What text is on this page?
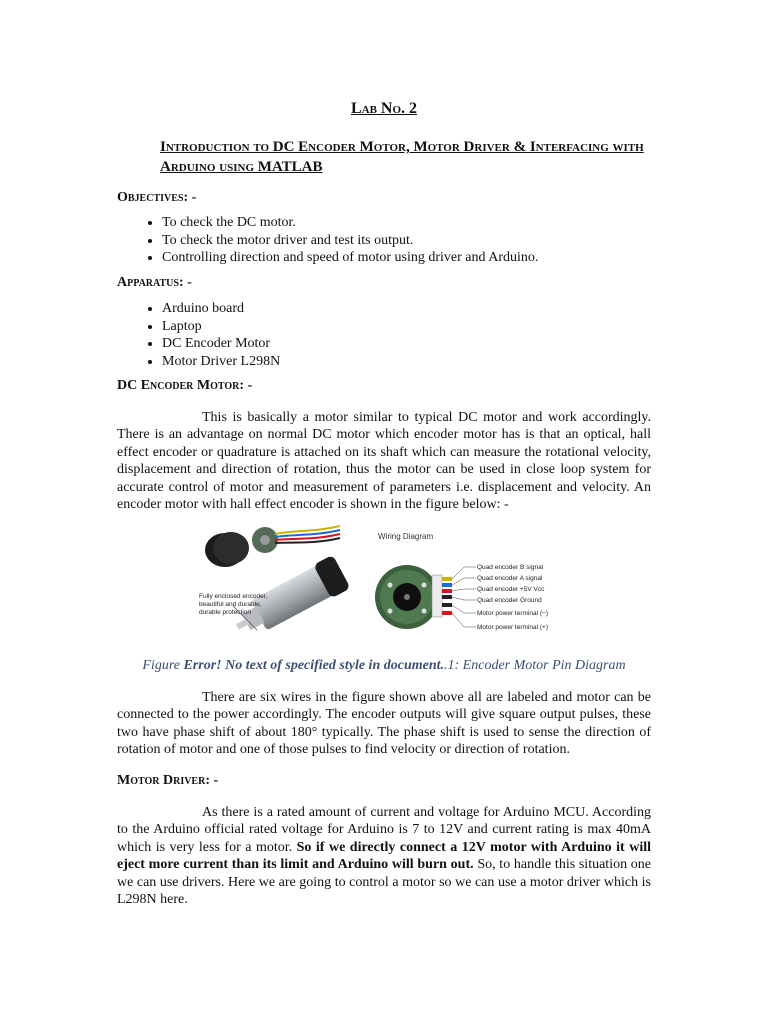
Lab No. 2
Introduction to DC Encoder Motor, Motor Driver & Interfacing with Arduino using MATLAB
Objectives: -
• To check the DC motor.
• To check the motor driver and test its output.
• Controlling direction and speed of motor using driver and Arduino.
Apparatus: -
• Arduino board
• Laptop
• DC Encoder Motor
• Motor Driver L298N
DC Encoder Motor: -
This is basically a motor similar to typical DC motor and work accordingly. There is an advantage on normal DC motor which encoder motor has is that an optical, hall effect encoder or quadrature is attached on its shaft which can measure the rotational velocity, displacement and direction of rotation, thus the motor can be used in close loop system for accurate control of motor and measurement of parameters i.e. displacement and velocity. An encoder motor with hall effect encoder is shown in the figure below: -
Fully enclosed encoder,
beautiful and durable,
durable protection
Wiring Diagram
Quad encoder B signal
Quad encoder A signal
Quad encoder +5V Vcc
Quad encoder Ground
Motor power terminal (−)
Motor power terminal (+)
Figure Error! No text of specified style in document..1: Encoder Motor Pin Diagram
There are six wires in the figure shown above all are labeled and motor can be connected to the power accordingly. The encoder outputs will give square output pulses, these two have phase shift of about 180° typically. The phase shift is used to sense the direction of rotation of motor and one of those pulses to find velocity or direction of rotation.
Motor Driver: -
As there is a rated amount of current and voltage for Arduino MCU. According to the Arduino official rated voltage for Arduino is 7 to 12V and current rating is max 40mA which is very less for a motor. So if we directly connect a 12V motor with Arduino it will eject more current than its limit and Arduino will burn out. So, to handle this situation one we can use drivers. Here we are going to control a motor so we can use a motor driver which is L298N here.
